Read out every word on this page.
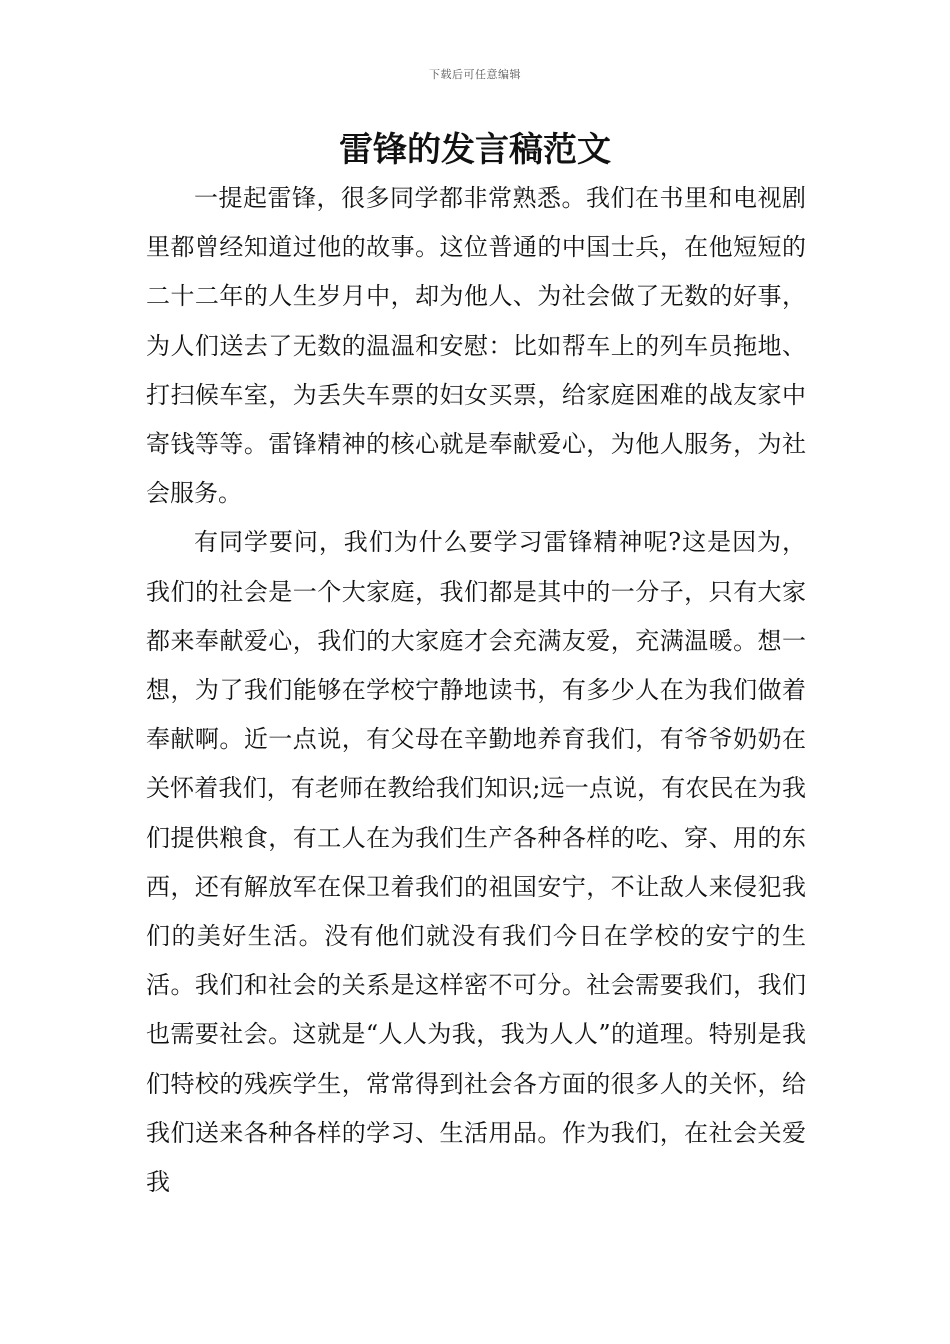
下载后可任意编辑
雷锋的发言稿范文

一提起雷锋，很多同学都非常熟悉。我们在书里和电视剧里都曾经知道过他的故事。这位普通的中国士兵，在他短短的二十二年的人生岁月中，却为他人、为社会做了无数的好事，为人们送去了无数的温温和安慰：比如帮车上的列车员拖地、打扫候车室，为丢失车票的妇女买票，给家庭困难的战友家中寄钱等等。雷锋精神的核心就是奉献爱心，为他人服务，为社会服务。

有同学要问，我们为什么要学习雷锋精神呢?这是因为，我们的社会是一个大家庭，我们都是其中的一分子，只有大家都来奉献爱心，我们的大家庭才会充满友爱，充满温暖。想一想，为了我们能够在学校宁静地读书，有多少人在为我们做着奉献啊。近一点说，有父母在辛勤地养育我们，有爷爷奶奶在关怀着我们，有老师在教给我们知识;远一点说，有农民在为我们提供粮食，有工人在为我们生产各种各样的吃、穿、用的东西，还有解放军在保卫着我们的祖国安宁，不让敌人来侵犯我们的美好生活。没有他们就没有我们今日在学校的安宁的生活。我们和社会的关系是这样密不可分。社会需要我们，我们也需要社会。这就是“人人为我，我为人人”的道理。特别是我们特校的残疾学生，常常得到社会各方面的很多人的关怀，给我们送来各种各样的学习、生活用品。作为我们，在社会关爱我
